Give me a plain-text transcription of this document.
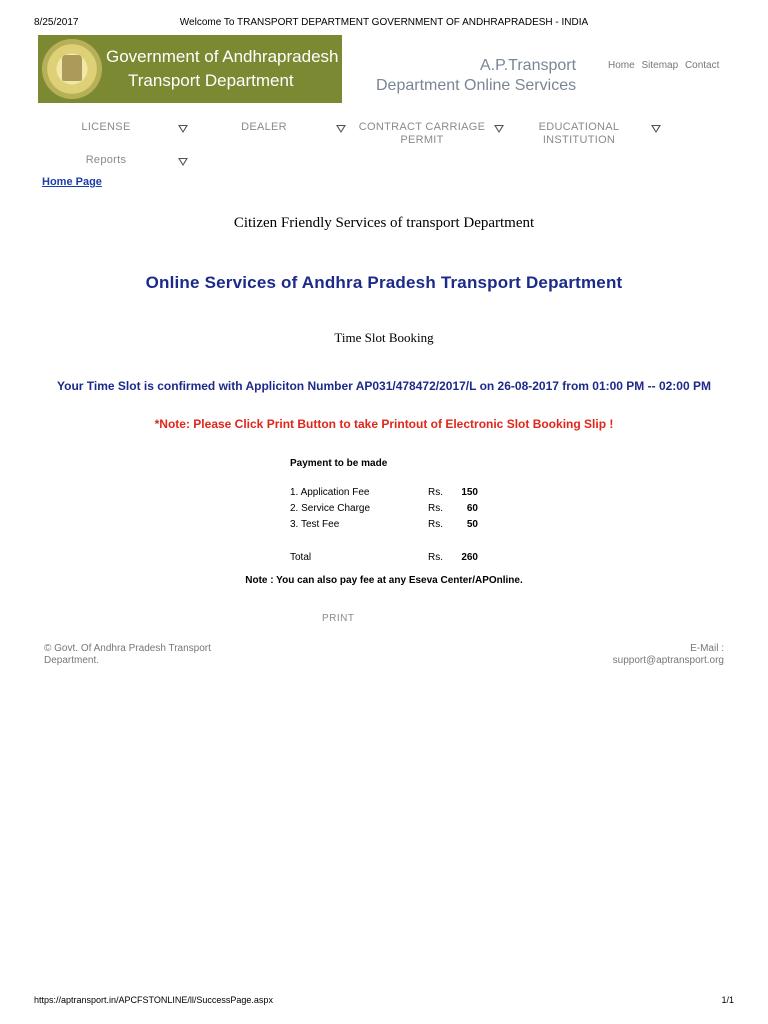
8/25/2017	Welcome To TRANSPORT DEPARTMENT GOVERNMENT OF ANDHRAPRADESH - INDIA
Government of Andhrapradesh
Transport Department
A.P.Transport
Department Online Services
Home Sitemap Contact
LICENSE	DEALER	CONTRACT CARRIAGE PERMIT
EDUCATIONAL INSTITUTION
Reports
Home Page
Citizen Friendly Services of transport Department
Online Services of Andhra Pradesh Transport Department
Time Slot Booking
Your Time Slot is confirmed with Appliciton Number AP031/478472/2017/L on 26-08-2017 from 01:00 PM -- 02:00 PM
*Note: Please Click Print Button to take Printout of Electronic Slot Booking Slip !
Payment to be made
1. Application Fee	Rs.	150
2. Service Charge	Rs.	60
3. Test Fee	Rs.	50

Total	Rs.	260
Note : You can also pay fee at any Eseva Center/APOnline.
PRINT
© Govt. Of Andhra Pradesh Transport Department.
E-Mail :
support@aptransport.org
https://aptransport.in/APCFSTONLINE/ll/SuccessPage.aspx	1/1
